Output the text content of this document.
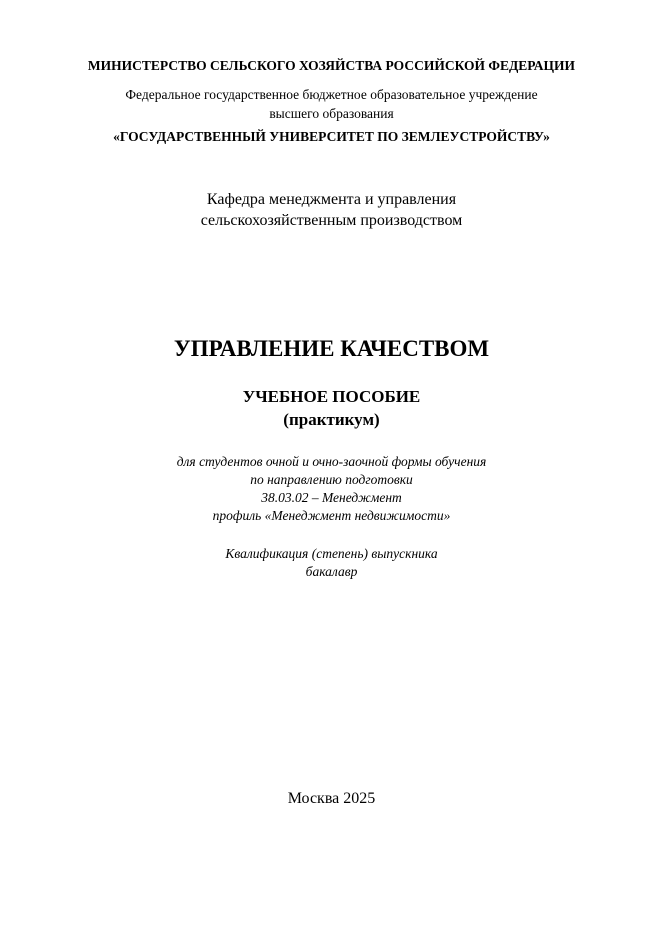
МИНИСТЕРСТВО СЕЛЬСКОГО ХОЗЯЙСТВА РОССИЙСКОЙ ФЕДЕРАЦИИ
Федеральное государственное бюджетное образовательное учреждение
высшего образования
«ГОСУДАРСТВЕННЫЙ УНИВЕРСИТЕТ ПО ЗЕМЛЕУСТРОЙСТВУ»
Кафедра менеджмента и управления
сельскохозяйственным производством
УПРАВЛЕНИЕ КАЧЕСТВОМ
УЧЕБНОЕ ПОСОБИЕ
(практикум)
для студентов очной и очно-заочной формы обучения
по направлению подготовки
38.03.02 – Менеджмент
профиль «Менеджмент недвижимости»
Квалификация (степень) выпускника
бакалавр
Москва 2025
